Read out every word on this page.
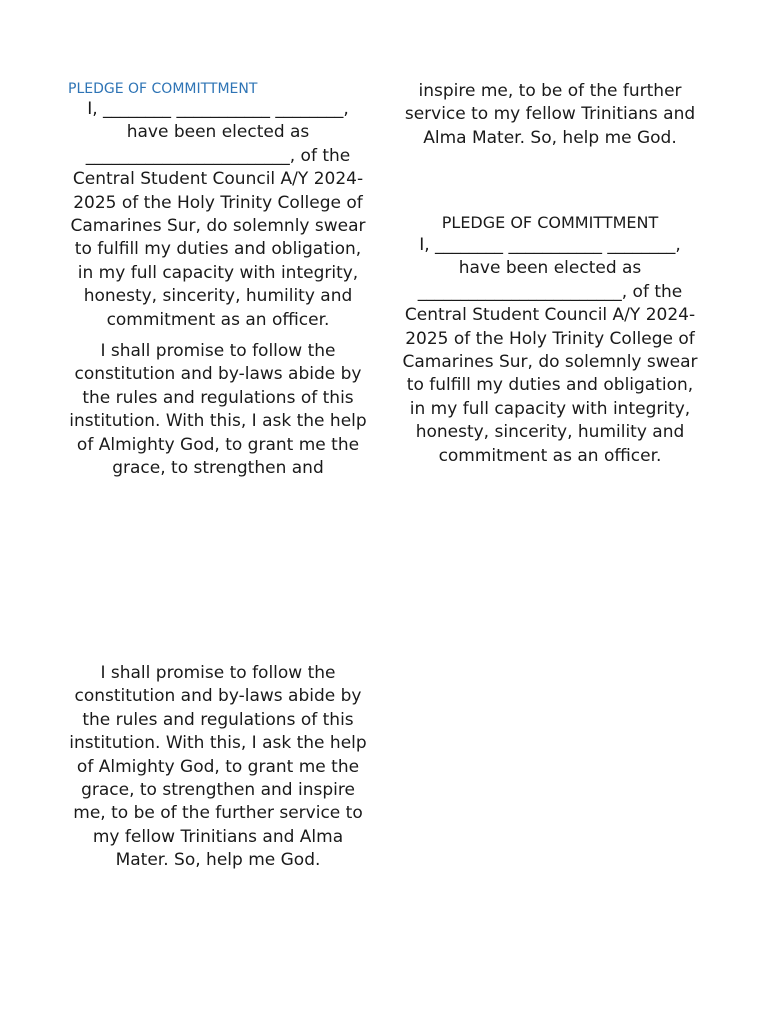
PLEDGE OF COMMITTMENT

I, ________ ___________ ________,

have been elected as

________________________, of the

Central Student Council A/Y 2024-2025 of the Holy Trinity College of Camarines Sur, do solemnly swear to fulfill my duties and obligation, in my full capacity with integrity, honesty, sincerity, humility and commitment as an officer.

I shall promise to follow the constitution and by-laws abide by the rules and regulations of this institution. With this, I ask the help of Almighty God, to grant me the grace, to strengthen and

inspire me, to be of the further service to my fellow Trinitians and Alma Mater. So, help me God.

PLEDGE OF COMMITTMENT

I, ________ ___________ ________,

have been elected as

________________________, of the

Central Student Council A/Y 2024-2025 of the Holy Trinity College of Camarines Sur, do solemnly swear to fulfill my duties and obligation, in my full capacity with integrity, honesty, sincerity, humility and commitment as an officer.

I shall promise to follow the constitution and by-laws abide by the rules and regulations of this institution. With this, I ask the help of Almighty God, to grant me the grace, to strengthen and inspire me, to be of the further service to my fellow Trinitians and Alma Mater. So, help me God.
